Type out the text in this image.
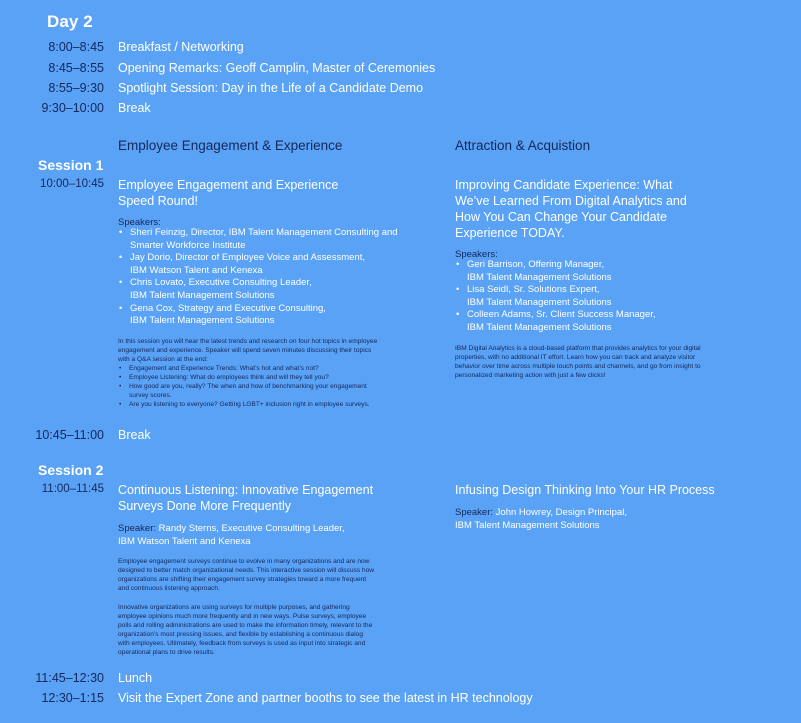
Day 2
8:00–8:45 Breakfast / Networking
8:45–8:55 Opening Remarks: Geoff Camplin, Master of Ceremonies
8:55–9:30 Spotlight Session: Day in the Life of a Candidate Demo
9:30–10:00 Break
Employee Engagement & Experience	Attraction & Acquistion
Session 1
10:00–10:45 Employee Engagement and Experience
Speed Round!
Speakers:
• Sheri Feinzig, Director, IBM Talent Management Consulting and
Smarter Workforce Institute
• Jay Dorio, Director of Employee Voice and Assessment,
IBM Watson Talent and Kenexa
• Chris Lovato, Executive Consulting Leader,
IBM Talent Management Solutions
• Gena Cox, Strategy and Executive Consulting,
IBM Talent Management Solutions
In this session you will hear the latest trends and research on four hot topics in employee
engagement and experience. Speaker will spend seven minutes discussing their topics
with a Q&A session at the end:
• Engagement and Experience Trends: What’s hot and what’s not?
• Employee Listening: What do employees think and will they tell you?
• How good are you, really? The when and how of benchmarking your engagement
survey scores.
• Are you listening to everyone? Getting LGBT+ inclusion right in employee surveys.
Improving Candidate Experience: What
We’ve Learned From Digital Analytics and
How You Can Change Your Candidate
Experience TODAY.
Speakers:
• Geri Barrison, Offering Manager,
IBM Talent Management Solutions
• Lisa Seidl, Sr. Solutions Expert,
IBM Talent Management Solutions
• Colleen Adams, Sr. Client Success Manager,
IBM Talent Management Solutions
IBM Digital Analytics is a cloud-based platform that provides analytics for your digital
properties, with no additional IT effort. Learn how you can track and analyze visitor
behavior over time across multiple touch points and channels, and go from insight to
personalized marketing action with just a few clicks!
10:45–11:00 Break
Session 2
11:00–11:45 Continuous Listening: Innovative Engagement
Surveys Done More Frequently
Speaker: Randy Sterns, Executive Consulting Leader,
IBM Watson Talent and Kenexa
Employee engagement surveys continue to evolve in many organizations and are now
designed to better match organizational needs. This interactive session will discuss how
organizations are shifting their engagement survey strategies toward a more frequent
and continuous listening approach.
Innovative organizations are using surveys for multiple purposes, and gathering
employee opinions much more frequently and in new ways. Pulse surveys, employee
polls and rolling administrations are used to make the information timely, relevant to the
organization’s most pressing issues, and flexible by establishing a continuous dialog
with employees. Ultimately, feedback from surveys is used as input into strategic and
operational plans to drive results.
Infusing Design Thinking Into Your HR Process
Speaker: John Howrey, Design Principal,
IBM Talent Management Solutions
11:45–12:30 Lunch
12:30–1:15 Visit the Expert Zone and partner booths to see the latest in HR technology
